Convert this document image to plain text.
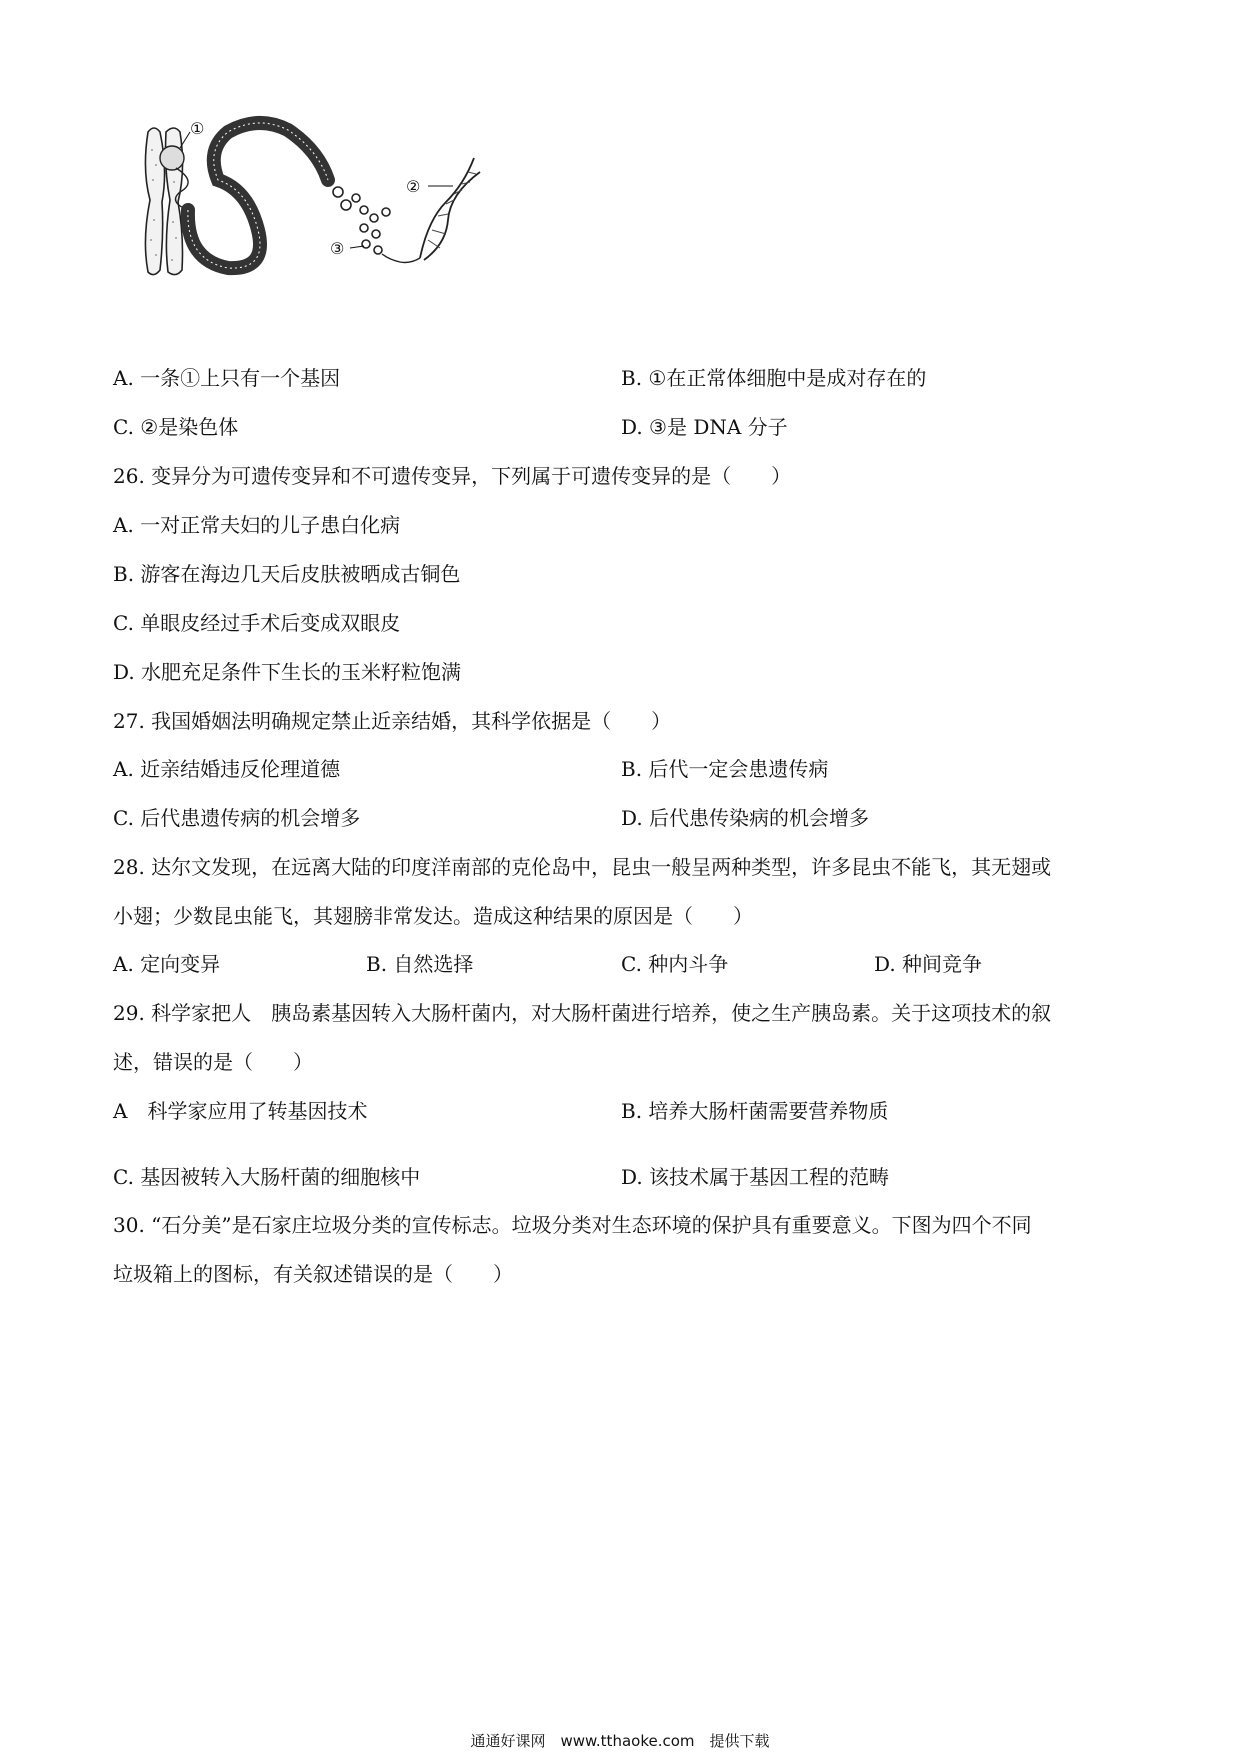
①
②
③
A. 一条①上只有一个基因	B. ①在正常体细胞中是成对存在的
C. ②是染色体	D. ③是 DNA 分子
26. 变异分为可遗传变异和不可遗传变异，下列属于可遗传变异的是（　　）
A. 一对正常夫妇的儿子患白化病
B. 游客在海边几天后皮肤被晒成古铜色
C. 单眼皮经过手术后变成双眼皮
D. 水肥充足条件下生长的玉米籽粒饱满
27. 我国婚姻法明确规定禁止近亲结婚，其科学依据是（　　）
A. 近亲结婚违反伦理道德	B. 后代一定会患遗传病
C. 后代患遗传病的机会增多	D. 后代患传染病的机会增多
28. 达尔文发现，在远离大陆的印度洋南部的克伦岛中，昆虫一般呈两种类型，许多昆虫不能飞，其无翅或
小翅；少数昆虫能飞，其翅膀非常发达。造成这种结果的原因是（　　）
A. 定向变异	B. 自然选择	C. 种内斗争	D. 种间竞争
29. 科学家把人　胰岛素基因转入大肠杆菌内，对大肠杆菌进行培养，使之生产胰岛素。关于这项技术的叙
述，错误的是（　　）
A　科学家应用了转基因技术	B. 培养大肠杆菌需要营养物质
C. 基因被转入大肠杆菌的细胞核中	D. 该技术属于基因工程的范畴
30. “石分美”是石家庄垃圾分类的宣传标志。垃圾分类对生态环境的保护具有重要意义。下图为四个不同
垃圾箱上的图标，有关叙述错误的是（　　）
通通好课网　www.tthaoke.com　提供下载
